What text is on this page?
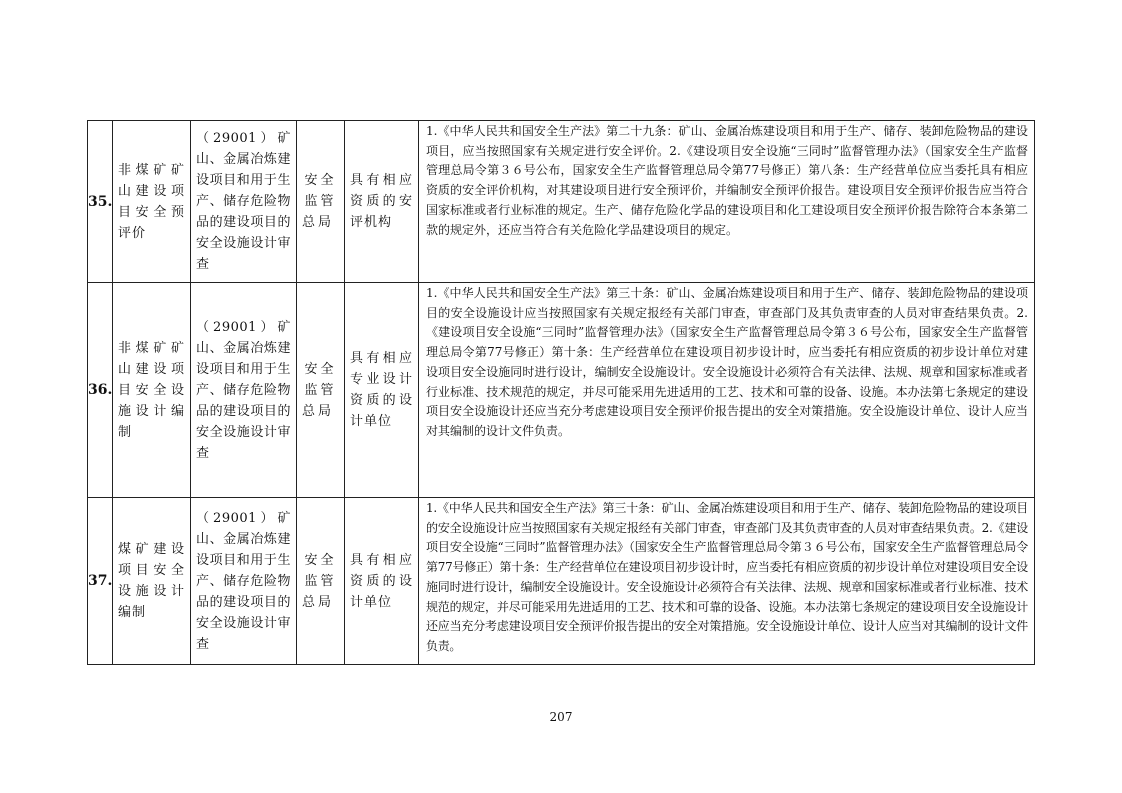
35.	非煤矿矿山建设项目安全预评价	（29001）矿山、金属冶炼建设项目和用于生产、储存危险物品的建设项目的安全设施设计审查	安全监管总局	具有相应资质的安评机构	1.《中华人民共和国安全生产法》第二十九条：矿山、金属冶炼建设项目和用于生产、储存、装卸危险物品的建设项目，应当按照国家有关规定进行安全评价。2.《建设项目安全设施“三同时”监督管理办法》（国家安全生产监督管理总局令第３６号公布，国家安全生产监督管理总局令第77号修正）第八条：生产经营单位应当委托具有相应资质的安全评价机构，对其建设项目进行安全预评价，并编制安全预评价报告。建设项目安全预评价报告应当符合国家标准或者行业标准的规定。生产、储存危险化学品的建设项目和化工建设项目安全预评价报告除符合本条第二款的规定外，还应当符合有关危险化学品建设项目的规定。
36.	非煤矿矿山建设项目安全设施设计编制	（29001）矿山、金属冶炼建设项目和用于生产、储存危险物品的建设项目的安全设施设计审查	安全监管总局	具有相应专业设计资质的设计单位	1.《中华人民共和国安全生产法》第三十条：矿山、金属冶炼建设项目和用于生产、储存、装卸危险物品的建设项目的安全设施设计应当按照国家有关规定报经有关部门审查，审查部门及其负责审查的人员对审查结果负责。2.《建设项目安全设施“三同时”监督管理办法》（国家安全生产监督管理总局令第３６号公布，国家安全生产监督管理总局令第77号修正）第十条：生产经营单位在建设项目初步设计时，应当委托有相应资质的初步设计单位对建设项目安全设施同时进行设计，编制安全设施设计。安全设施设计必须符合有关法律、法规、规章和国家标准或者行业标准、技术规范的规定，并尽可能采用先进适用的工艺、技术和可靠的设备、设施。本办法第七条规定的建设项目安全设施设计还应当充分考虑建设项目安全预评价报告提出的安全对策措施。安全设施设计单位、设计人应当对其编制的设计文件负责。
37.	煤矿建设项目安全设施设计编制	（29001）矿山、金属冶炼建设项目和用于生产、储存危险物品的建设项目的安全设施设计审查	安全监管总局	具有相应资质的设计单位	1.《中华人民共和国安全生产法》第三十条：矿山、金属冶炼建设项目和用于生产、储存、装卸危险物品的建设项目的安全设施设计应当按照国家有关规定报经有关部门审查，审查部门及其负责审查的人员对审查结果负责。2.《建设项目安全设施“三同时”监督管理办法》（国家安全生产监督管理总局令第３６号公布，国家安全生产监督管理总局令第77号修正）第十条：生产经营单位在建设项目初步设计时，应当委托有相应资质的初步设计单位对建设项目安全设施同时进行设计，编制安全设施设计。安全设施设计必须符合有关法律、法规、规章和国家标准或者行业标准、技术规范的规定，并尽可能采用先进适用的工艺、技术和可靠的设备、设施。本办法第七条规定的建设项目安全设施设计还应当充分考虑建设项目安全预评价报告提出的安全对策措施。安全设施设计单位、设计人应当对其编制的设计文件负责。
207
